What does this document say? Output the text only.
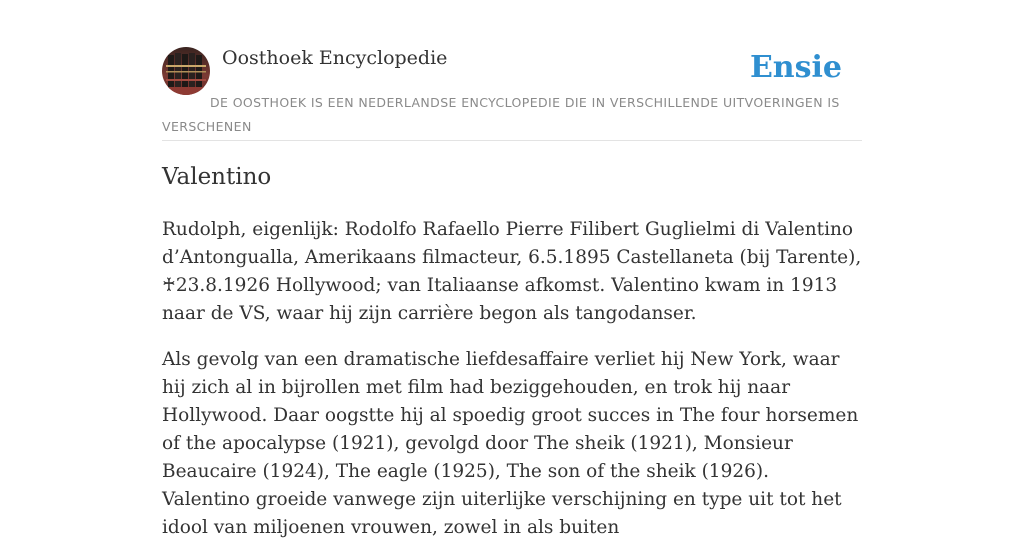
Oosthoek Encyclopedie	Ensie
DE OOSTHOEK IS EEN NEDERLANDSE ENCYCLOPEDIE DIE IN VERSCHILLENDE UITVOERINGEN IS VERSCHENEN
Valentino

Rudolph, eigenlijk: Rodolfo Rafaello Pierre Filibert Guglielmi di Valentino d’Antongualla, Amerikaans filmacteur, 6.5.1895 Castellaneta (bij Tarente), ♰23.8.1926 Hollywood; van Italiaanse afkomst. Valentino kwam in 1913 naar de VS, waar hij zijn carrière begon als tangodanser.

Als gevolg van een dramatische liefdesaffaire verliet hij New York, waar hij zich al in bijrollen met film had beziggehouden, en trok hij naar Hollywood. Daar oogstte hij al spoedig groot succes in The four horsemen of the apocalypse (1921), gevolgd door The sheik (1921), Monsieur Beaucaire (1924), The eagle (1925), The son of the sheik (1926). Valentino groeide vanwege zijn uiterlijke verschijning en type uit tot het idool van miljoenen vrouwen, zowel in als buiten
